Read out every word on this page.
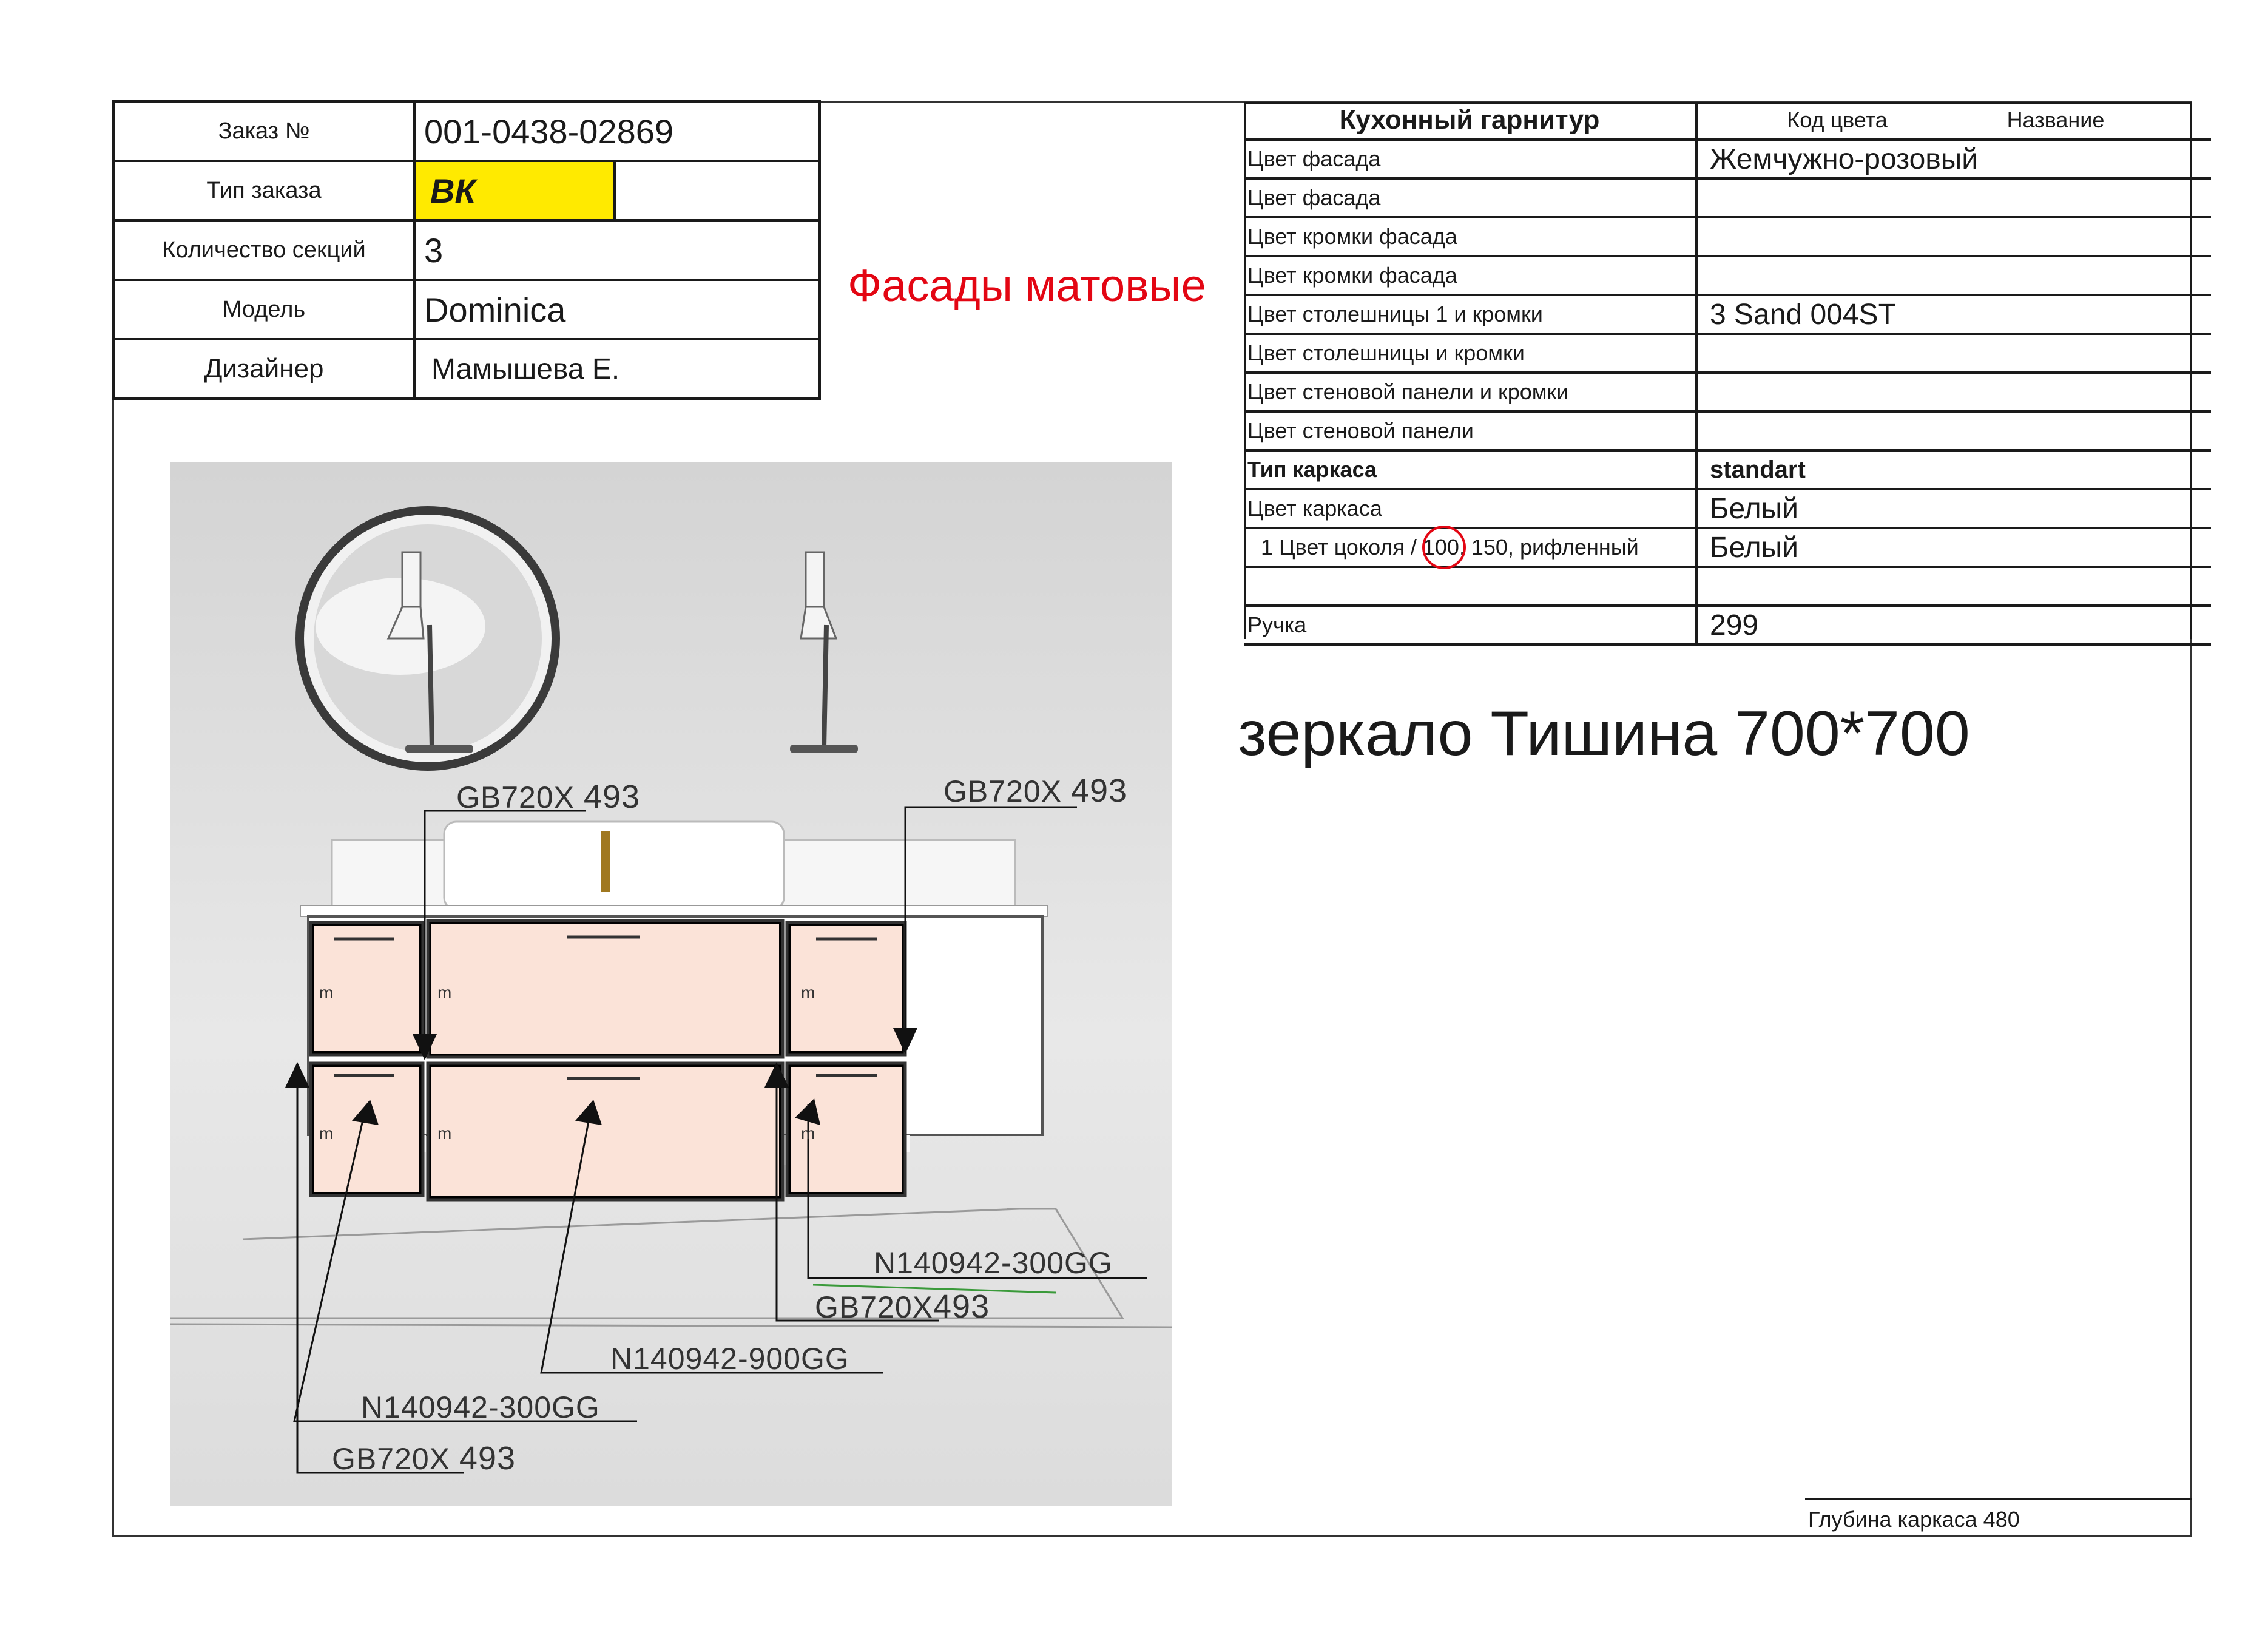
Заказ №	001-0438-02869	
Тип заказа	ВК	
Количество секций	3	
Модель	Dominica	
Дизайнер	Мамышева Е.	
Фасады матовые
Кухонный гарнитур	Код цвета Название
Цвет фасада	Жемчужно-розовый
Цвет фасада	
Цвет кромки фасада	
Цвет кромки фасада	
Цвет столешницы 1 и кромки	3 Sand 004ST
Цвет столешницы и кромки	
Цвет стеновой панели и кромки	
Цвет стеновой панели	
Тип каркаса	standart
Цвет каркаса	Белый
1 Цвет цоколя / 100, 150, рифленный	Белый

Ручка	299
зеркало Тишина 700*700
m
m
m
m
m
m
GB720X 493	GB720X 493
N140942-300GG
GB720X493
N140942-900GG
N140942-300GG
GB720X 493
Глубина каркаса 480
